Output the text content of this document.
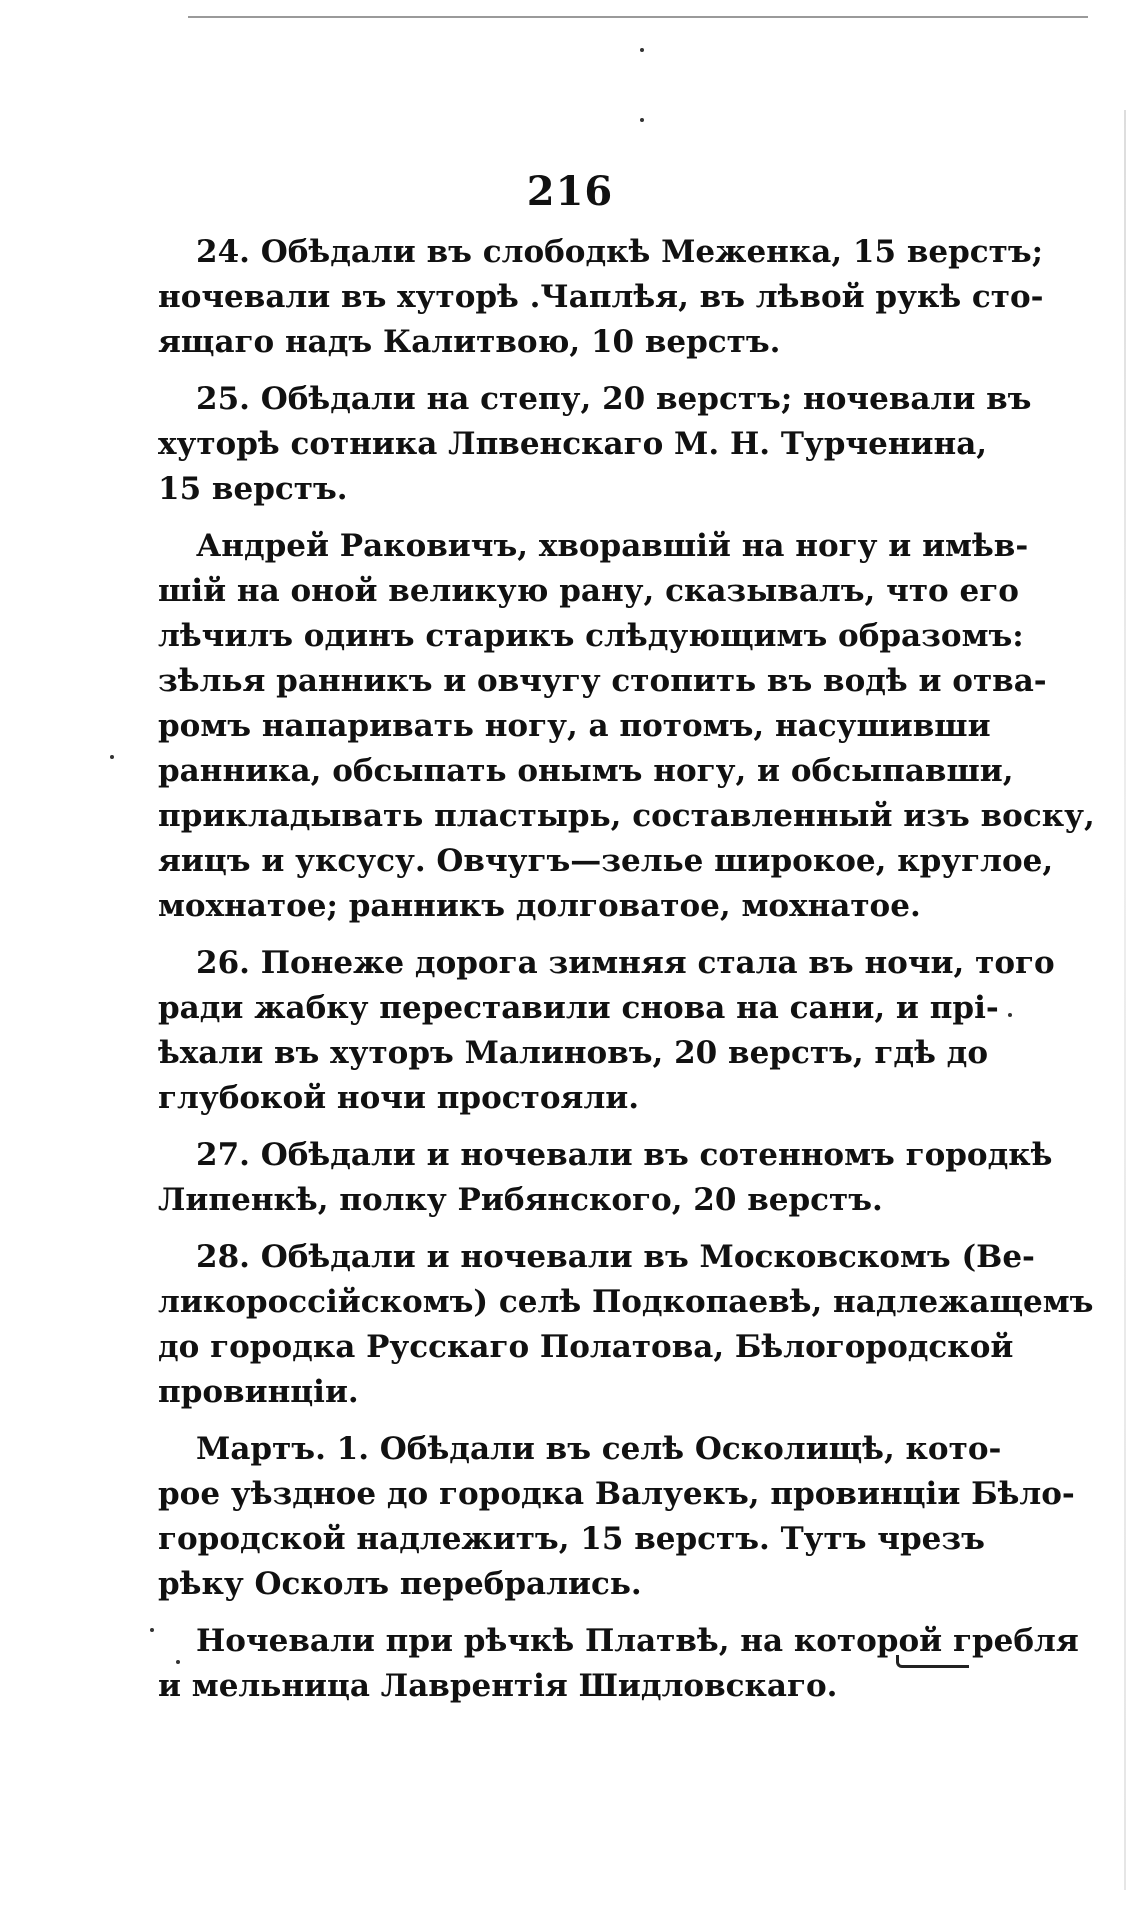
216
24. Обѣдали въ слободкѣ Меженка, 15 верстъ;
ночевали въ хуторѣ .Чаплѣя, въ лѣвой рукѣ сто-
ящаго надъ Калитвою, 10 верстъ.
25. Обѣдали на степу, 20 верстъ; ночевали въ
хуторѣ сотника Лпвенскаго М. Н. Турченина,
15 верстъ.
Андрей Раковичъ, хворавшій на ногу и имѣв-
шій на оной великую рану, сказывалъ, что его
лѣчилъ одинъ старикъ слѣдующимъ образомъ:
зѣлья ранникъ и овчугу стопить въ водѣ и отва-
ромъ напаривать ногу, а потомъ, насушивши
ранника, обсыпать онымъ ногу, и обсыпавши,
прикладывать пластырь, составленный изъ воску,
яицъ и уксусу. Овчугъ—зелье широкое, круглое,
мохнатое; ранникъ долговатое, мохнатое.
26. Понеже дорога зимняя стала въ ночи, того
ради жабку переставили снова на сани, и прі-
ѣхали въ хуторъ Малиновъ, 20 верстъ, гдѣ до
глубокой ночи простояли.
27. Обѣдали и ночевали въ сотенномъ городкѣ
Липенкѣ, полку Рибянского, 20 верстъ.
28. Обѣдали и ночевали въ Московскомъ (Ве-
ликороссійскомъ) селѣ Подкопаевѣ, надлежащемъ
до городка Русскаго Полатова, Бѣлогородской
провинціи.
Мартъ. 1. Обѣдали въ селѣ Осколищѣ, кото-
рое уѣздное до городка Валуекъ, провинціи Бѣло-
городской надлежитъ, 15 верстъ. Тутъ чрезъ
рѣку Осколъ перебрались.
Ночевали при рѣчкѣ Платвѣ, на которой гребля
и мельница Лаврентія Шидловскаго.
